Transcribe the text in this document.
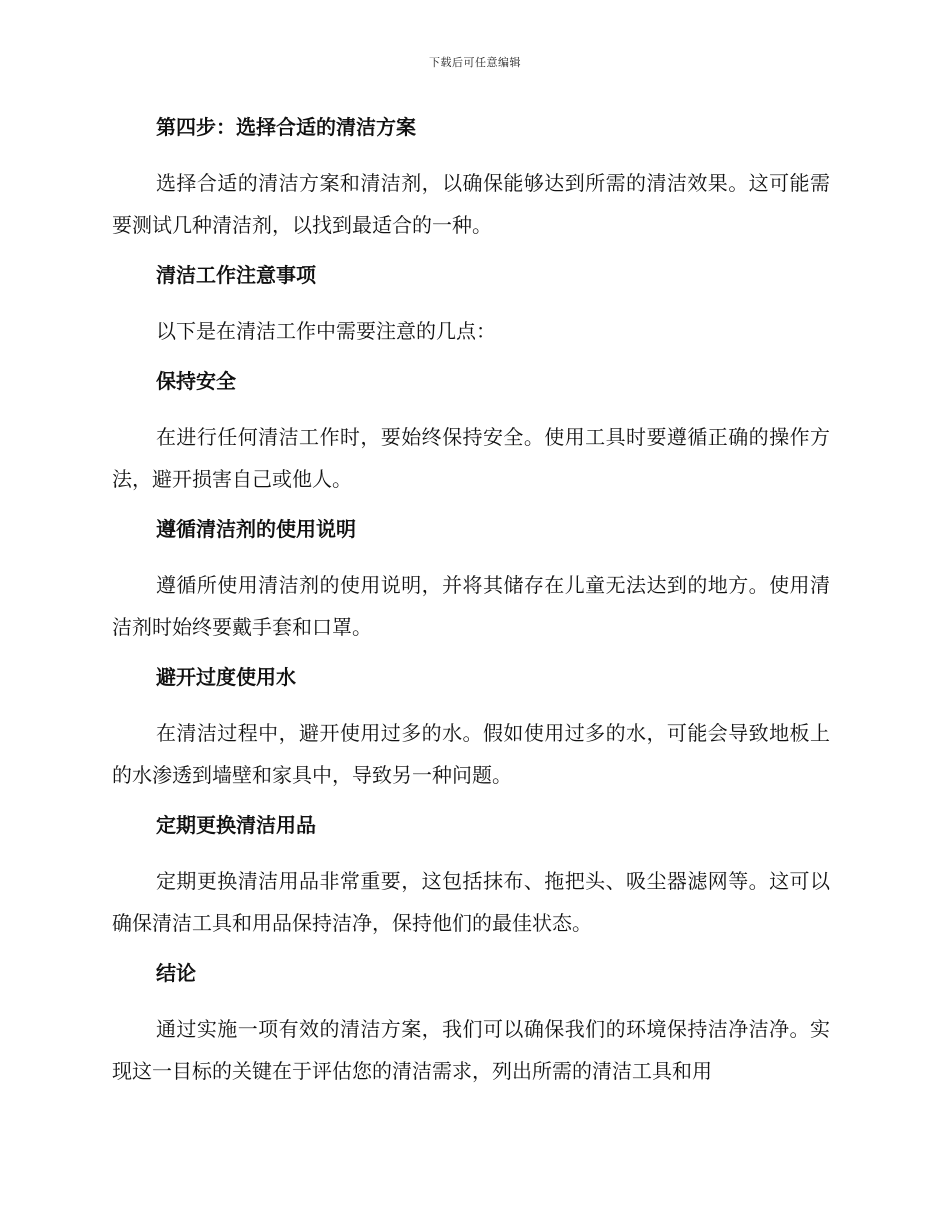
下载后可任意编辑
第四步：选择合适的清洁方案

选择合适的清洁方案和清洁剂，以确保能够达到所需的清洁效果。这可能需要测试几种清洁剂，以找到最适合的一种。

清洁工作注意事项

以下是在清洁工作中需要注意的几点：

保持安全

在进行任何清洁工作时，要始终保持安全。使用工具时要遵循正确的操作方法，避开损害自己或他人。

遵循清洁剂的使用说明

遵循所使用清洁剂的使用说明，并将其储存在儿童无法达到的地方。使用清洁剂时始终要戴手套和口罩。

避开过度使用水

在清洁过程中，避开使用过多的水。假如使用过多的水，可能会导致地板上的水渗透到墙壁和家具中，导致另一种问题。

定期更换清洁用品

定期更换清洁用品非常重要，这包括抹布、拖把头、吸尘器滤网等。这可以确保清洁工具和用品保持洁净，保持他们的最佳状态。

结论

通过实施一项有效的清洁方案，我们可以确保我们的环境保持洁净洁净。实现这一目标的关键在于评估您的清洁需求，列出所需的清洁工具和用
